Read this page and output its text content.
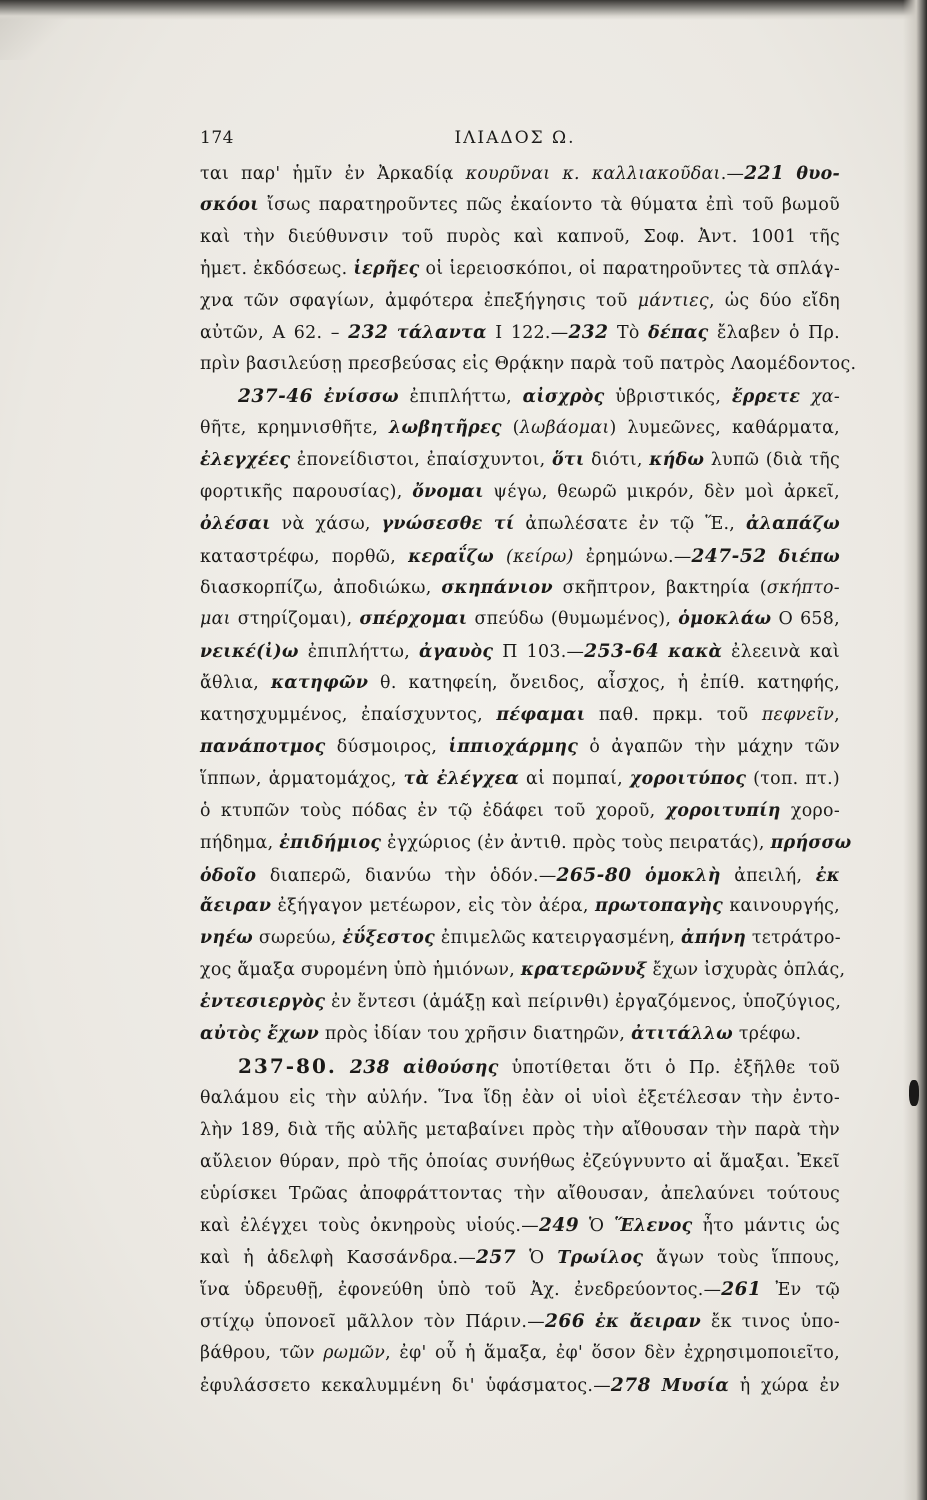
174	ΙΛΙΑΔΟΣ Ω.
ται παρ' ἡμῖν ἐν Ἀρκαδίᾳ κουρῦναι κ. καλλιακοῦδαι.—221 θυο-
σκόοι ἴσως παρατηροῦντες πῶς ἐκαίοντο τὰ θύματα ἐπὶ τοῦ βωμοῦ
καὶ τὴν διεύθυνσιν τοῦ πυρὸς καὶ καπνοῦ, Σοφ. Ἀντ. 1001 τῆς
ἡμετ. ἐκδόσεως. ἱερῆες οἱ ἱερειοσκόποι, οἱ παρατηροῦντες τὰ σπλάγ-
χνα τῶν σφαγίων, ἀμφότερα ἐπεξήγησις τοῦ μάντιες, ὡς δύο εἴδη
αὐτῶν, Α 62. – 232 τάλαντα Ι 122.—232 Τὸ δέπας ἔλαβεν ὁ Πρ.
πρὶν βασιλεύσῃ πρεσβεύσας εἰς Θρᾴκην παρὰ τοῦ πατρὸς Λαομέδοντος.
237-46 ἐνίσσω ἐπιπλήττω, αἰσχρὸς ὑβριστικός, ἔρρετε χα-
θῆτε, κρημνισθῆτε, λωβητῆρες (λωβάομαι) λυμεῶνες, καθάρματα,
ἐλεγχέες ἐπονείδιστοι, ἐπαίσχυντοι, ὅτι διότι, κήδω λυπῶ (διὰ τῆς
φορτικῆς παρουσίας), ὄνομαι ψέγω, θεωρῶ μικρόν, δὲν μοὶ ἀρκεῖ,
ὀλέσαι νὰ χάσω, γνώσεσθε τί ἀπωλέσατε ἐν τῷ Ἕ., ἀλαπάζω
καταστρέφω, πορθῶ, κεραΐζω (κείρω) ἐρημώνω.—247-52 διέπω
διασκορπίζω, ἀποδιώκω, σκηπάνιον σκῆπτρον, βακτηρία (σκήπτο-
μαι στηρίζομαι), σπέρχομαι σπεύδω (θυμωμένος), ὁμοκλάω Ο 658,
νεικέ(ἰ)ω ἐπιπλήττω, ἀγαυὸς Π 103.—253-64 κακὰ ἐλεεινὰ καὶ
ἄθλια, κατηφῶν θ. κατηφείη, ὄνειδος, αἶσχος, ἡ ἐπίθ. κατηφής,
κατησχυμμένος, ἐπαίσχυντος, πέφαμαι παθ. πρκμ. τοῦ πεφνεῖν,
πανάποτμος δύσμοιρος, ἱππιοχάρμης ὁ ἀγαπῶν τὴν μάχην τῶν
ἵππων, ἁρματομάχος, τὰ ἐλέγχεα αἱ πομπαί, χοροιτύπος (τοπ. πτ.)
ὁ κτυπῶν τοὺς πόδας ἐν τῷ ἐδάφει τοῦ χοροῦ, χοροιτυπίη χορο-
πήδημα, ἐπιδήμιος ἐγχώριος (ἐν ἀντιθ. πρὸς τοὺς πειρατάς), πρήσσω
ὁδοῖο διαπερῶ, διανύω τὴν ὁδόν.—265-80 ὁμοκλὴ ἀπειλή, ἐκ
ἄειραν ἐξήγαγον μετέωρον, εἰς τὸν ἀέρα, πρωτοπαγὴς καινουργής,
νηέω σωρεύω, ἐΰξεστος ἐπιμελῶς κατειργασμένη, ἀπήνη τετράτρο-
χος ἅμαξα συρομένη ὑπὸ ἡμιόνων, κρατερῶνυξ ἔχων ἰσχυρὰς ὁπλάς,
ἐντεσιεργὸς ἐν ἔντεσι (ἁμάξῃ καὶ πείρινθι) ἐργαζόμενος, ὑποζύγιος,
αὐτὸς ἔχων πρὸς ἰδίαν του χρῆσιν διατηρῶν, ἀτιτάλλω τρέφω.
237-80. 238 αἰθούσης ὑποτίθεται ὅτι ὁ Πρ. ἐξῆλθε τοῦ
θαλάμου εἰς τὴν αὐλήν. Ἵνα ἴδῃ ἐὰν οἱ υἱοὶ ἐξετέλεσαν τὴν ἐντο-
λὴν 189, διὰ τῆς αὐλῆς μεταβαίνει πρὸς τὴν αἴθουσαν τὴν παρὰ τὴν
αὔλειον θύραν, πρὸ τῆς ὁποίας συνήθως ἐζεύγνυντο αἱ ἅμαξαι. Ἐκεῖ
εὑρίσκει Τρῶας ἀποφράττοντας τὴν αἴθουσαν, ἀπελαύνει τούτους
καὶ ἐλέγχει τοὺς ὀκνηροὺς υἱούς.—249 Ὁ Ἕλενος ἦτο μάντις ὡς
καὶ ἡ ἀδελφὴ Κασσάνδρα.—257 Ὁ Τρωίλος ἄγων τοὺς ἵππους,
ἵνα ὑδρευθῇ, ἐφονεύθη ὑπὸ τοῦ Ἀχ. ἐνεδρεύοντος.—261 Ἐν τῷ
στίχῳ ὑπονοεῖ μᾶλλον τὸν Πάριν.—266 ἐκ ἄειραν ἔκ τινος ὑπο-
βάθρου, τῶν ρωμῶν, ἐφ' οὗ ἡ ἅμαξα, ἐφ' ὅσον δὲν ἐχρησιμοποιεῖτο,
ἐφυλάσσετο κεκαλυμμένη δι' ὑφάσματος.—278 Μυσία ἡ χώρα ἐν
